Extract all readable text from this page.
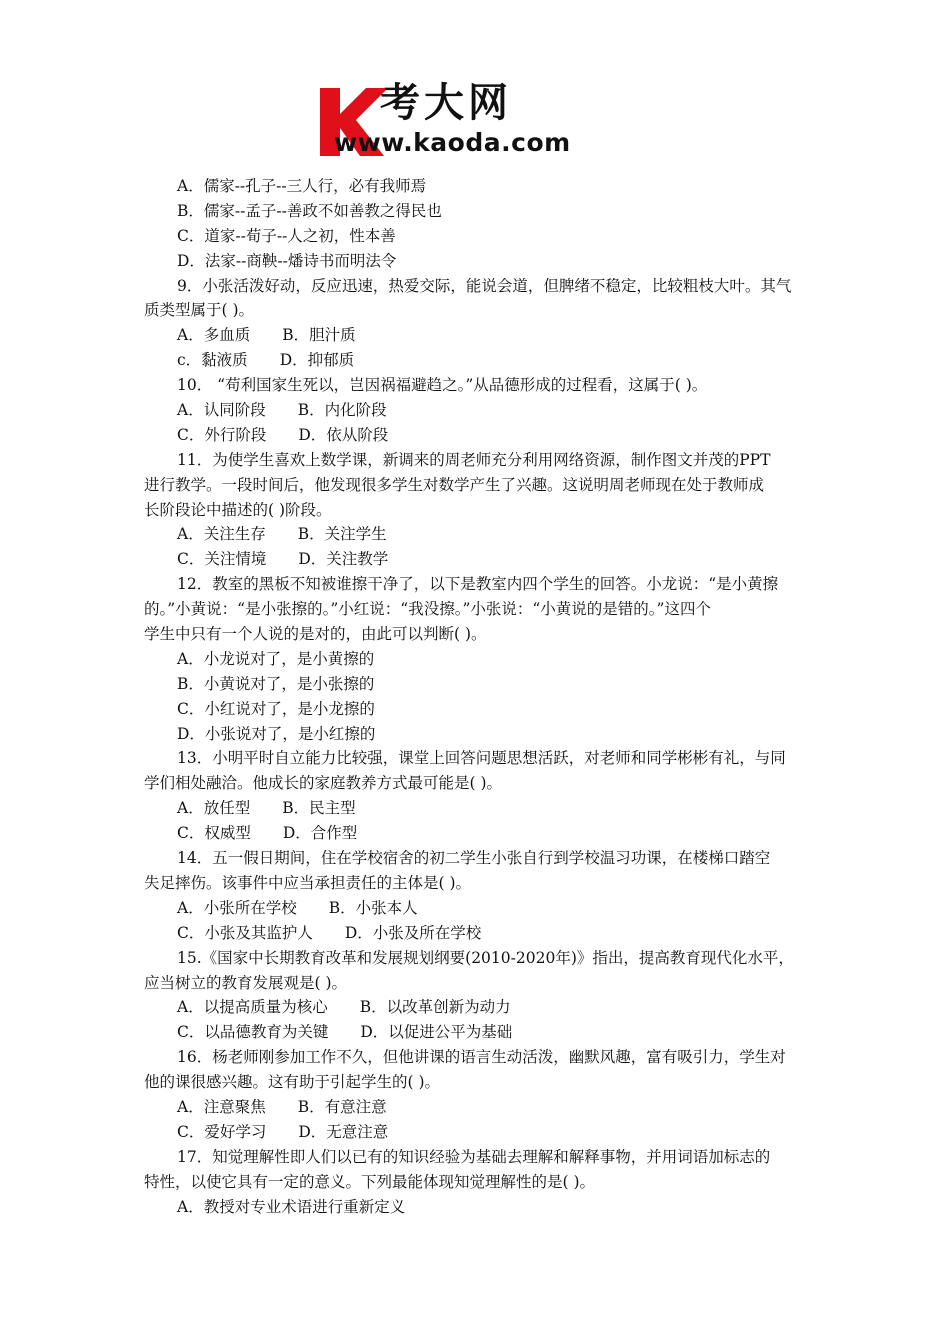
考大网
www.kaoda.com
A．儒家--孔子--三人行，必有我师焉
B．儒家--孟子--善政不如善教之得民也
C．道家--荀子--人之初，性本善
D．法家--商鞅--燔诗书而明法令
9．小张活泼好动，反应迅速，热爱交际，能说会道，但脾绪不稳定，比较粗枝大叶。其气
质类型属于( )。
A．多血质 B．胆汁质
c．黏液质 D．抑郁质
10． “苟利国家生死以，岂因祸福避趋之。”从品德形成的过程看，这属于( )。
A．认同阶段 B．内化阶段
C．外行阶段 D．依从阶段
11．为使学生喜欢上数学课，新调来的周老师充分利用网络资源，制作图文并茂的PPT
进行教学。一段时间后，他发现很多学生对数学产生了兴趣。这说明周老师现在处于教师成
长阶段论中描述的( )阶段。
A．关注生存 B．关注学生
C．关注情境 D．关注教学
12．教室的黑板不知被谁擦干净了，以下是教室内四个学生的回答。小龙说：“是小黄擦
的。”小黄说：“是小张擦的。”小红说：“我没擦。”小张说：“小黄说的是错的。”这四个
学生中只有一个人说的是对的，由此可以判断( )。
A．小龙说对了，是小黄擦的
B．小黄说对了，是小张擦的
C．小红说对了，是小龙擦的
D．小张说对了，是小红擦的
13．小明平时自立能力比较强，课堂上回答问题思想活跃，对老师和同学彬彬有礼，与同
学们相处融洽。他成长的家庭教养方式最可能是( )。
A．放任型 B．民主型
C．权威型 D．合作型
14．五一假日期间，住在学校宿舍的初二学生小张自行到学校温习功课，在楼梯口踏空
失足摔伤。该事件中应当承担责任的主体是( )。
A．小张所在学校 B．小张本人
C．小张及其监护人 D．小张及所在学校
15.《国家中长期教育改革和发展规划纲要(2010-2020年)》指出，提高教育现代化水平，
应当树立的教育发展观是( )。
A．以提高质量为核心 B．以改革创新为动力
C．以品德教育为关键 D．以促进公平为基础
16．杨老师刚参加工作不久，但他讲课的语言生动活泼，幽默风趣，富有吸引力，学生对
他的课很感兴趣。这有助于引起学生的( )。
A．注意聚焦 B．有意注意
C．爱好学习 D．无意注意
17．知觉理解性即人们以已有的知识经验为基础去理解和解释事物，并用词语加标志的
特性，以使它具有一定的意义。下列最能体现知觉理解性的是( )。
A．教授对专业术语进行重新定义
